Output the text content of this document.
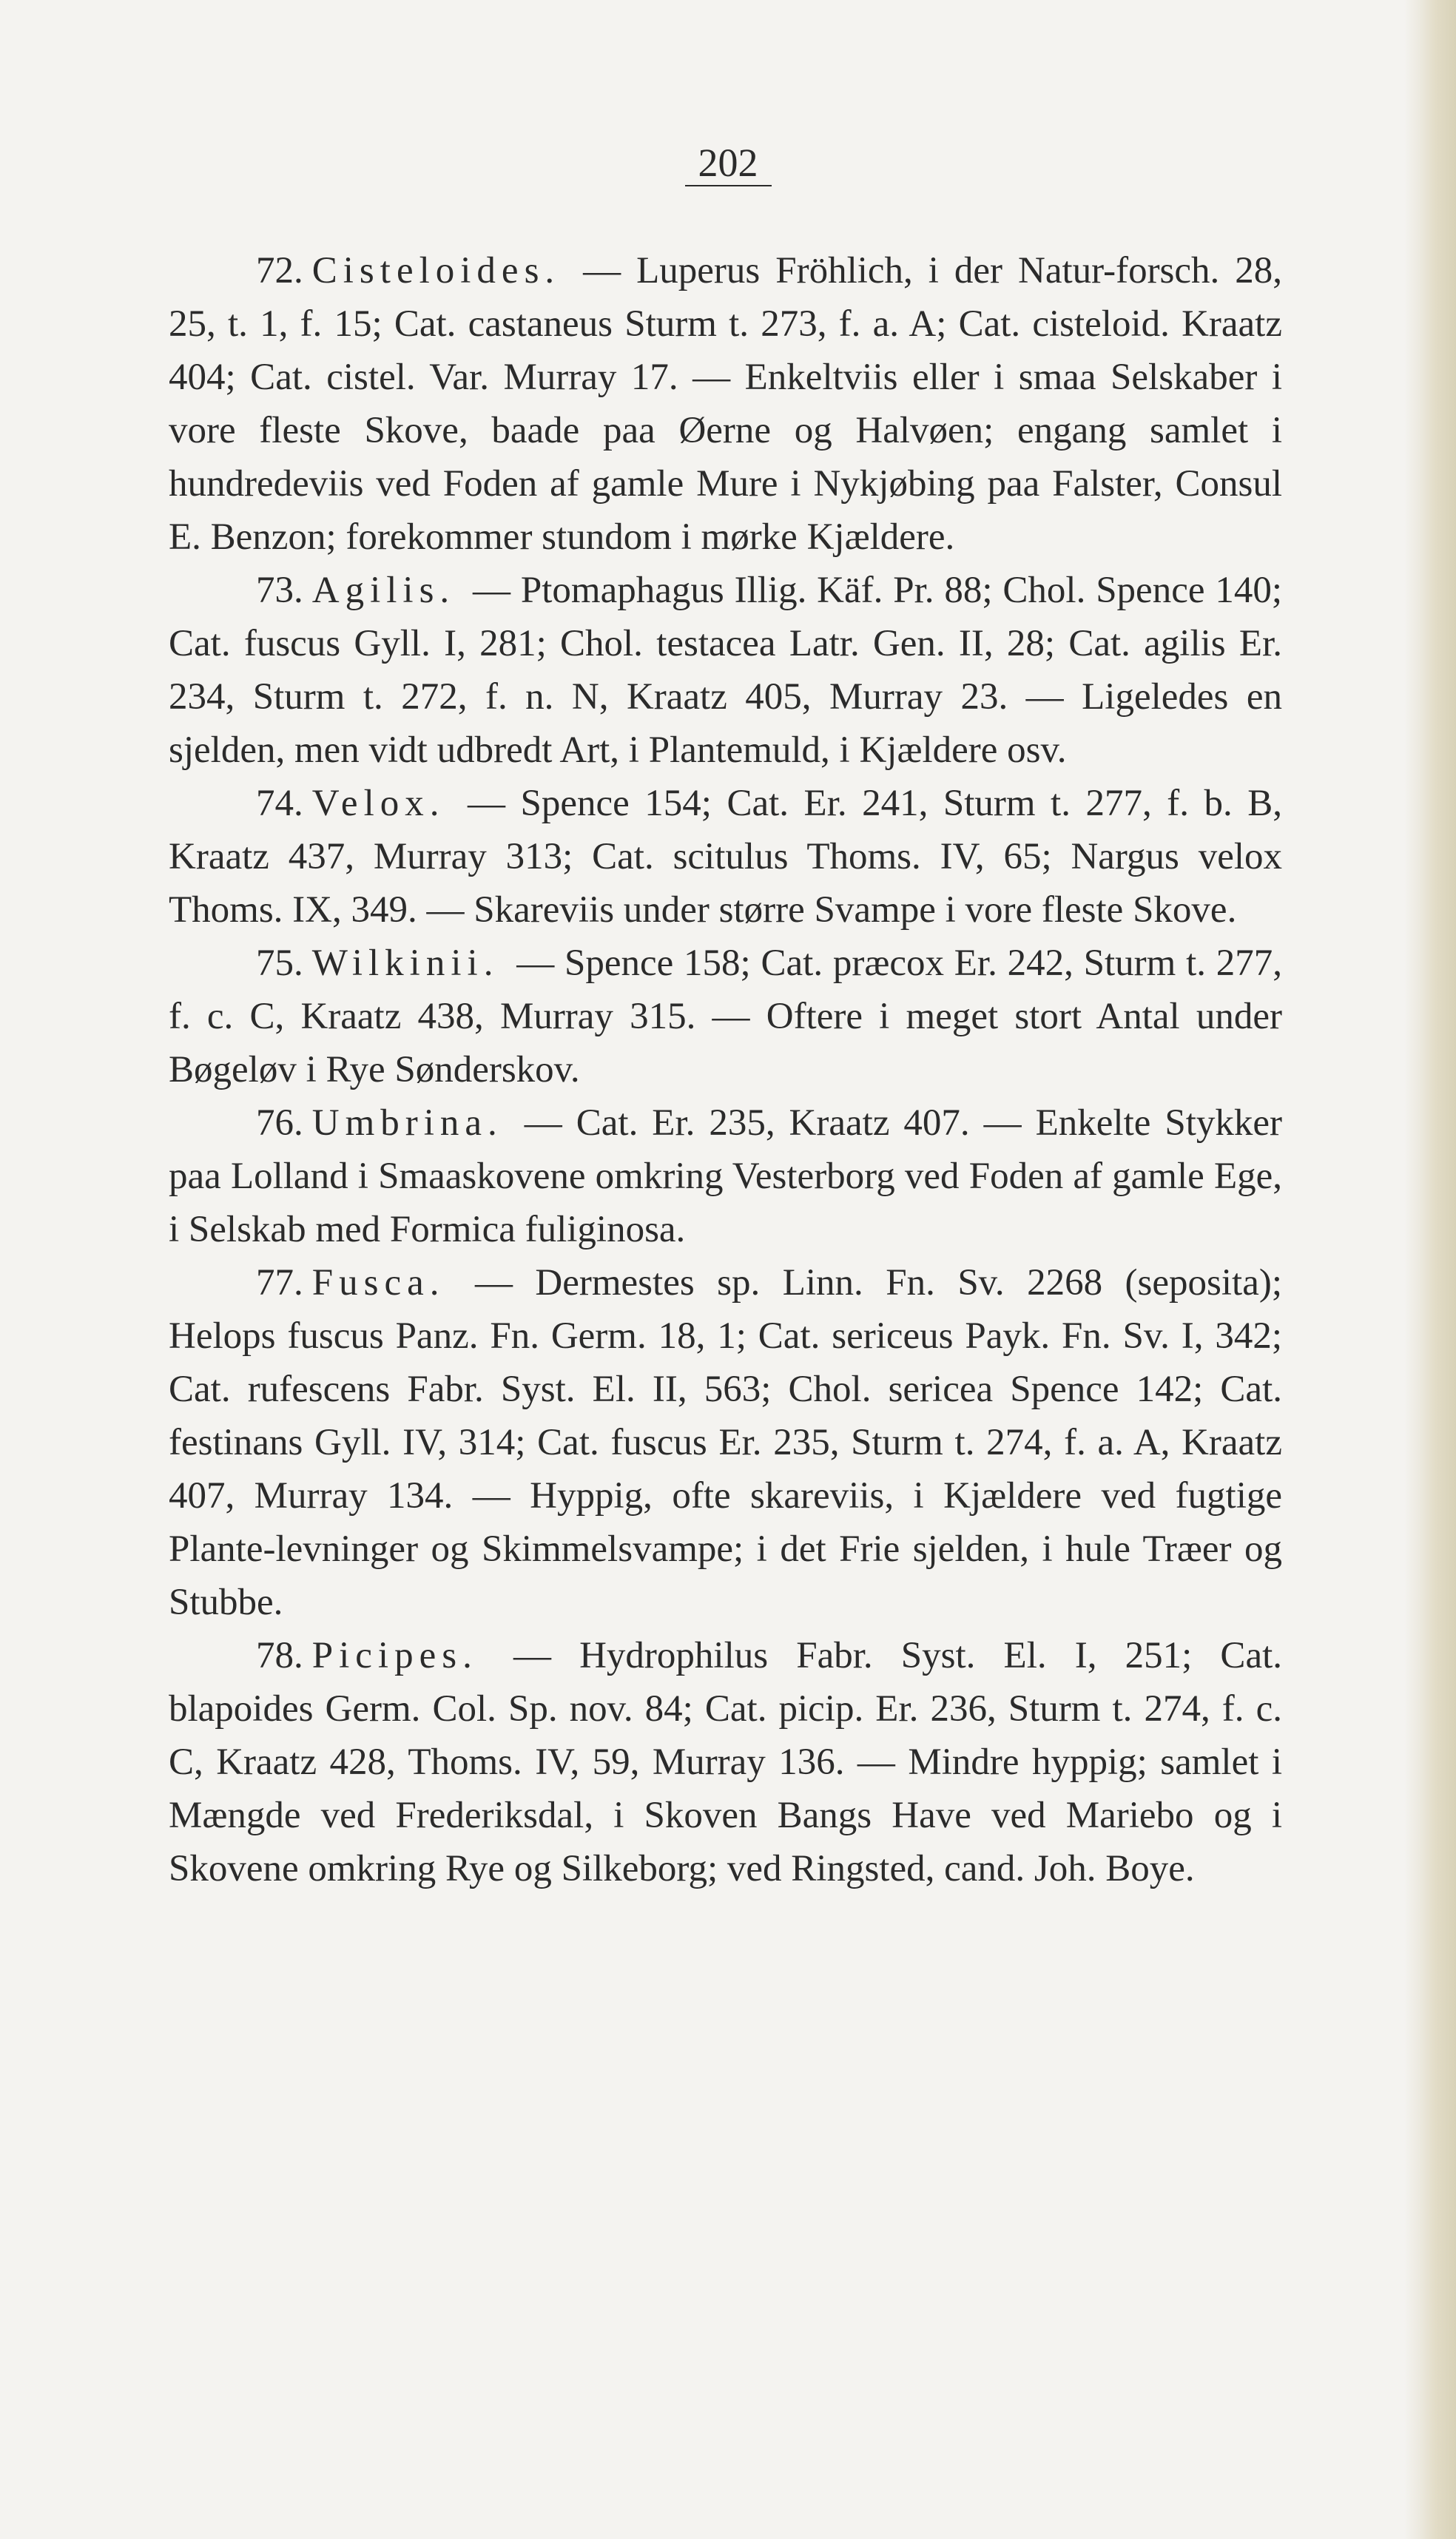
202

72. Cisteloides. — Luperus Fröhlich, i der Natur-forsch. 28, 25, t. 1, f. 15; Cat. castaneus Sturm t. 273, f. a. A; Cat. cisteloid. Kraatz 404; Cat. cistel. Var. Murray 17. — Enkeltviis eller i smaa Selskaber i vore fleste Skove, baade paa Øerne og Halvøen; engang samlet i hundredeviis ved Foden af gamle Mure i Nykjøbing paa Falster, Consul E. Benzon; forekommer stundom i mørke Kjældere.

73. Agilis. — Ptomaphagus Illig. Käf. Pr. 88; Chol. Spence 140; Cat. fuscus Gyll. I, 281; Chol. testacea Latr. Gen. II, 28; Cat. agilis Er. 234, Sturm t. 272, f. n. N, Kraatz 405, Murray 23. — Ligeledes en sjelden, men vidt udbredt Art, i Plantemuld, i Kjældere osv.

74. Velox. — Spence 154; Cat. Er. 241, Sturm t. 277, f. b. B, Kraatz 437, Murray 313; Cat. scitulus Thoms. IV, 65; Nargus velox Thoms. IX, 349. — Skareviis under større Svampe i vore fleste Skove.

75. Wilkinii. — Spence 158; Cat. præcox Er. 242, Sturm t. 277, f. c. C, Kraatz 438, Murray 315. — Oftere i meget stort Antal under Bøgeløv i Rye Sønderskov.

76. Umbrina. — Cat. Er. 235, Kraatz 407. — Enkelte Stykker paa Lolland i Smaaskovene omkring Vesterborg ved Foden af gamle Ege, i Selskab med Formica fuliginosa.

77. Fusca. — Dermestes sp. Linn. Fn. Sv. 2268 (seposita); Helops fuscus Panz. Fn. Germ. 18, 1; Cat. sericeus Payk. Fn. Sv. I, 342; Cat. rufescens Fabr. Syst. El. II, 563; Chol. sericea Spence 142; Cat. festinans Gyll. IV, 314; Cat. fuscus Er. 235, Sturm t. 274, f. a. A, Kraatz 407, Murray 134. — Hyppig, ofte skareviis, i Kjældere ved fugtige Plante-levninger og Skimmelsvampe; i det Frie sjelden, i hule Træer og Stubbe.

78. Picipes. — Hydrophilus Fabr. Syst. El. I, 251; Cat. blapoides Germ. Col. Sp. nov. 84; Cat. picip. Er. 236, Sturm t. 274, f. c. C, Kraatz 428, Thoms. IV, 59, Murray 136. — Mindre hyppig; samlet i Mængde ved Frederiksdal, i Skoven Bangs Have ved Mariebo og i Skovene omkring Rye og Silkeborg; ved Ringsted, cand. Joh. Boye.
